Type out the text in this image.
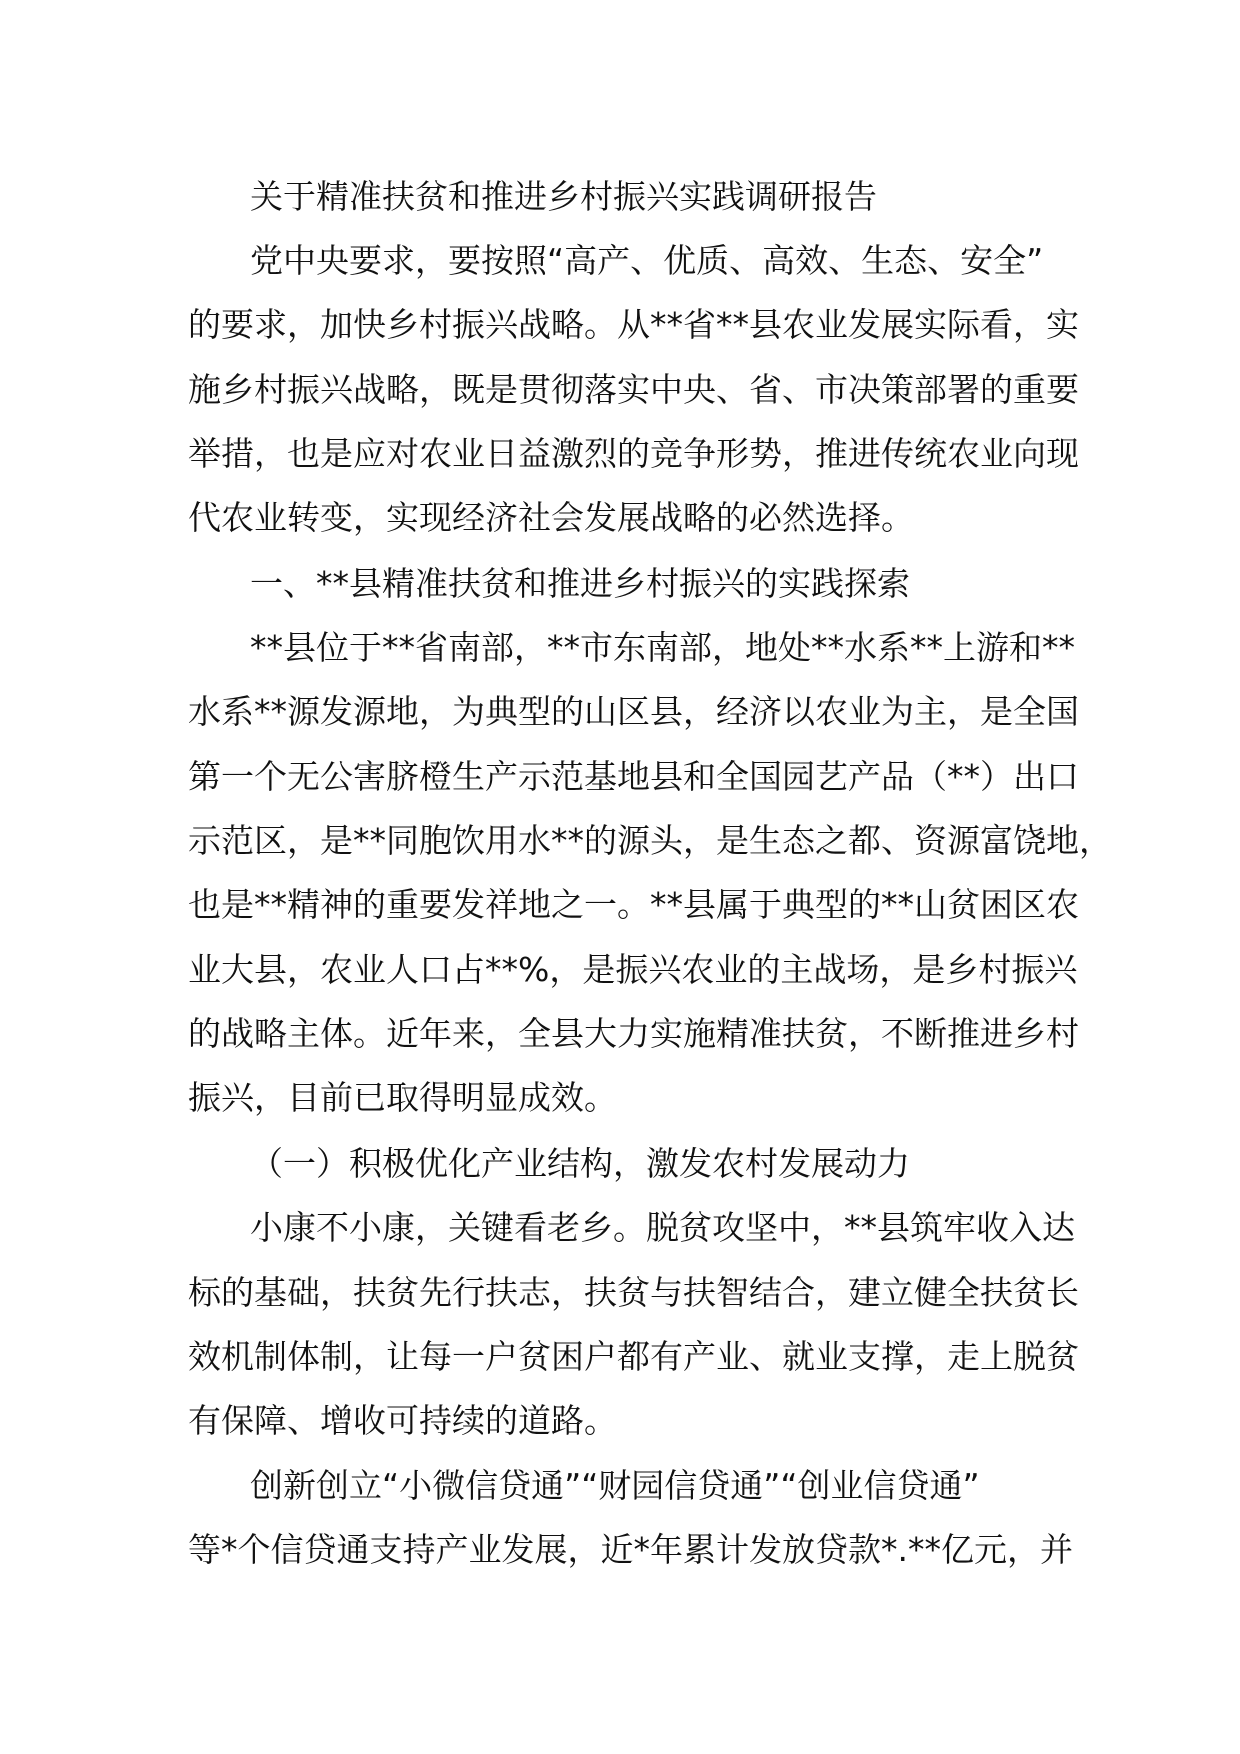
关于精准扶贫和推进乡村振兴实践调研报告
党中央要求，要按照“高产、优质、高效、生态、安全”
的要求，加快乡村振兴战略。从**省**县农业发展实际看，实
施乡村振兴战略，既是贯彻落实中央、省、市决策部署的重要
举措，也是应对农业日益激烈的竞争形势，推进传统农业向现
代农业转变，实现经济社会发展战略的必然选择。
一、**县精准扶贫和推进乡村振兴的实践探索
**县位于**省南部，**市东南部，地处**水系**上游和**
水系**源发源地，为典型的山区县，经济以农业为主，是全国
第一个无公害脐橙生产示范基地县和全国园艺产品（**）出口
示范区，是**同胞饮用水**的源头，是生态之都、资源富饶地，
也是**精神的重要发祥地之一。**县属于典型的**山贫困区农
业大县，农业人口占**%，是振兴农业的主战场，是乡村振兴
的战略主体。近年来，全县大力实施精准扶贫，不断推进乡村
振兴，目前已取得明显成效。
（一）积极优化产业结构，激发农村发展动力
小康不小康，关键看老乡。脱贫攻坚中，**县筑牢收入达
标的基础，扶贫先行扶志，扶贫与扶智结合，建立健全扶贫长
效机制体制，让每一户贫困户都有产业、就业支撑，走上脱贫
有保障、增收可持续的道路。
创新创立“小微信贷通”“财园信贷通”“创业信贷通”
等*个信贷通支持产业发展，近*年累计发放贷款*.**亿元，并
